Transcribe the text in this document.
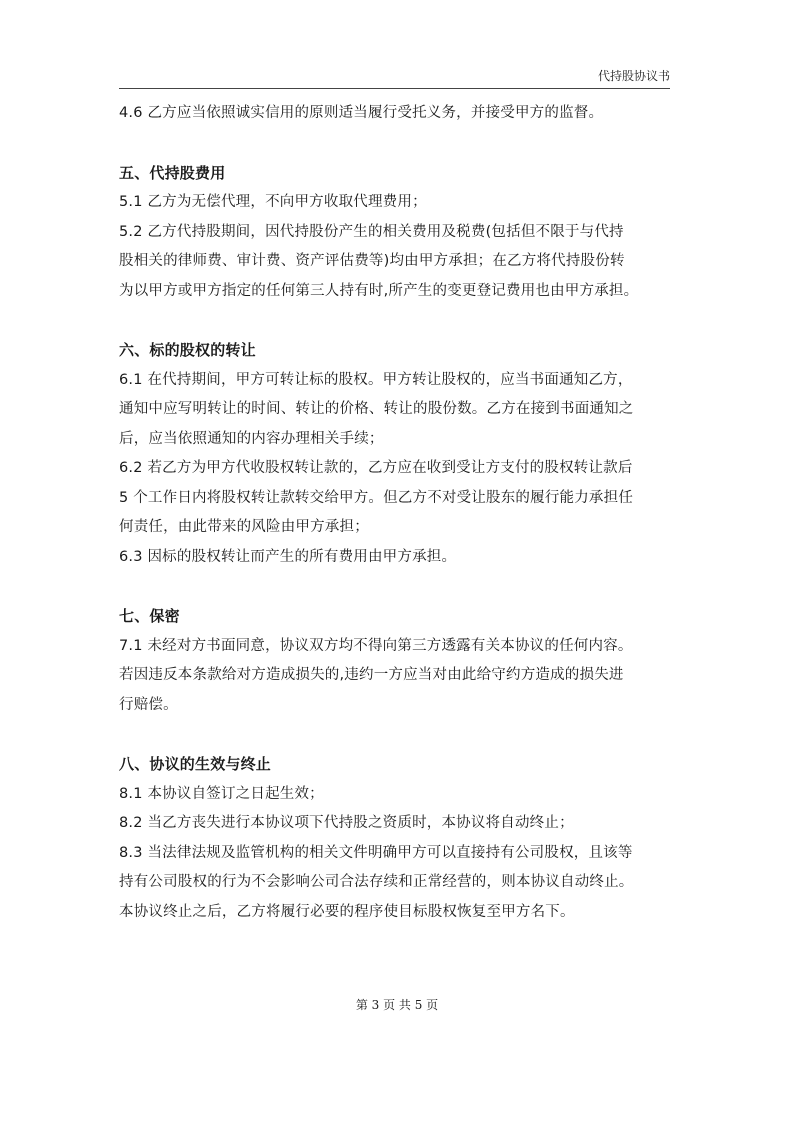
代持股协议书
4.6 乙方应当依照诚实信用的原则适当履行受托义务，并接受甲方的监督。
五、代持股费用
5.1 乙方为无偿代理，不向甲方收取代理费用；
5.2 乙方代持股期间，因代持股份产生的相关费用及税费(包括但不限于与代持
股相关的律师费、审计费、资产评估费等)均由甲方承担；在乙方将代持股份转
为以甲方或甲方指定的任何第三人持有时,所产生的变更登记费用也由甲方承担。
六、标的股权的转让
6.1 在代持期间，甲方可转让标的股权。甲方转让股权的，应当书面通知乙方，
通知中应写明转让的时间、转让的价格、转让的股份数。乙方在接到书面通知之
后，应当依照通知的内容办理相关手续；
6.2 若乙方为甲方代收股权转让款的，乙方应在收到受让方支付的股权转让款后
5 个工作日内将股权转让款转交给甲方。但乙方不对受让股东的履行能力承担任
何责任，由此带来的风险由甲方承担；
6.3 因标的股权转让而产生的所有费用由甲方承担。
七、保密
7.1 未经对方书面同意，协议双方均不得向第三方透露有关本协议的任何内容。
若因违反本条款给对方造成损失的,违约一方应当对由此给守约方造成的损失进
行赔偿。
八、协议的生效与终止
8.1 本协议自签订之日起生效；
8.2 当乙方丧失进行本协议项下代持股之资质时，本协议将自动终止；
8.3 当法律法规及监管机构的相关文件明确甲方可以直接持有公司股权，且该等
持有公司股权的行为不会影响公司合法存续和正常经营的，则本协议自动终止。
本协议终止之后，乙方将履行必要的程序使目标股权恢复至甲方名下。
第 3 页 共 5 页
